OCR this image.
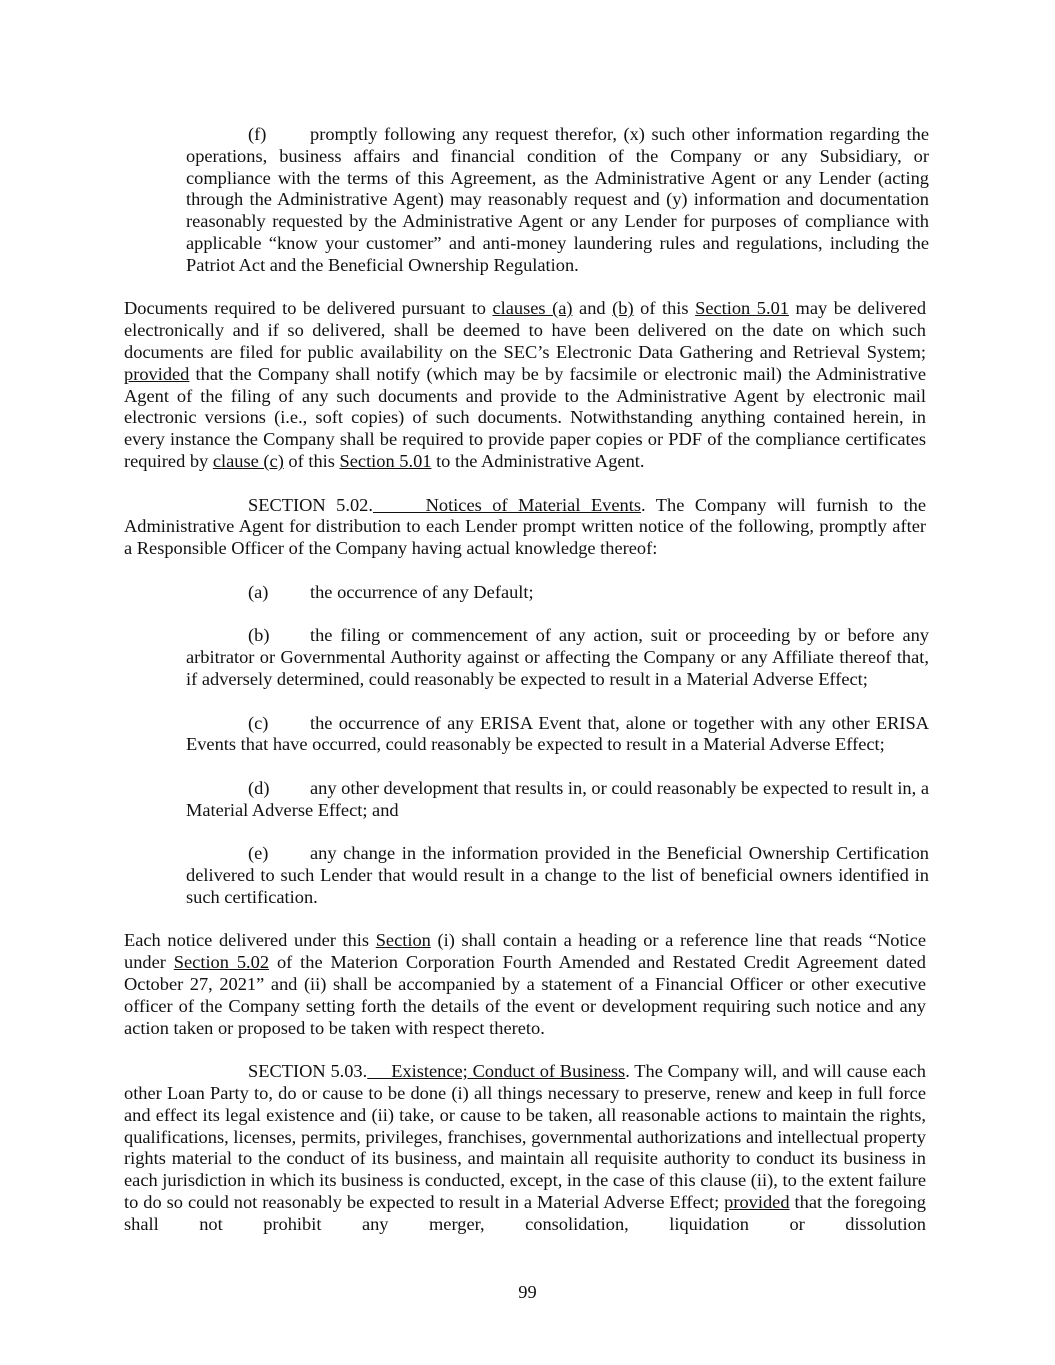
(f) promptly following any request therefor, (x) such other information regarding the operations, business affairs and financial condition of the Company or any Subsidiary, or compliance with the terms of this Agreement, as the Administrative Agent or any Lender (acting through the Administrative Agent) may reasonably request and (y) information and documentation reasonably requested by the Administrative Agent or any Lender for purposes of compliance with applicable “know your customer” and anti-money laundering rules and regulations, including the Patriot Act and the Beneficial Ownership Regulation.

Documents required to be delivered pursuant to clauses (a) and (b) of this Section 5.01 may be delivered electronically and if so delivered, shall be deemed to have been delivered on the date on which such documents are filed for public availability on the SEC’s Electronic Data Gathering and Retrieval System; provided that the Company shall notify (which may be by facsimile or electronic mail) the Administrative Agent of the filing of any such documents and provide to the Administrative Agent by electronic mail electronic versions (i.e., soft copies) of such documents. Notwithstanding anything contained herein, in every instance the Company shall be required to provide paper copies or PDF of the compliance certificates required by clause (c) of this Section 5.01 to the Administrative Agent.

SECTION 5.02.     Notices of Material Events. The Company will furnish to the Administrative Agent for distribution to each Lender prompt written notice of the following, promptly after a Responsible Officer of the Company having actual knowledge thereof:

(a) the occurrence of any Default;

(b) the filing or commencement of any action, suit or proceeding by or before any arbitrator or Governmental Authority against or affecting the Company or any Affiliate thereof that, if adversely determined, could reasonably be expected to result in a Material Adverse Effect;

(c) the occurrence of any ERISA Event that, alone or together with any other ERISA Events that have occurred, could reasonably be expected to result in a Material Adverse Effect;

(d) any other development that results in, or could reasonably be expected to result in, a Material Adverse Effect; and

(e) any change in the information provided in the Beneficial Ownership Certification delivered to such Lender that would result in a change to the list of beneficial owners identified in such certification.

Each notice delivered under this Section (i) shall contain a heading or a reference line that reads “Notice under Section 5.02 of the Materion Corporation Fourth Amended and Restated Credit Agreement dated October 27, 2021” and (ii) shall be accompanied by a statement of a Financial Officer or other executive officer of the Company setting forth the details of the event or development requiring such notice and any action taken or proposed to be taken with respect thereto.

SECTION 5.03.     Existence; Conduct of Business. The Company will, and will cause each other Loan Party to, do or cause to be done (i) all things necessary to preserve, renew and keep in full force and effect its legal existence and (ii) take, or cause to be taken, all reasonable actions to maintain the rights, qualifications, licenses, permits, privileges, franchises, governmental authorizations and intellectual property rights material to the conduct of its business, and maintain all requisite authority to conduct its business in each jurisdiction in which its business is conducted, except, in the case of this clause (ii), to the extent failure to do so could not reasonably be expected to result in a Material Adverse Effect; provided that the foregoing shall not prohibit any merger, consolidation, liquidation or dissolution

99
